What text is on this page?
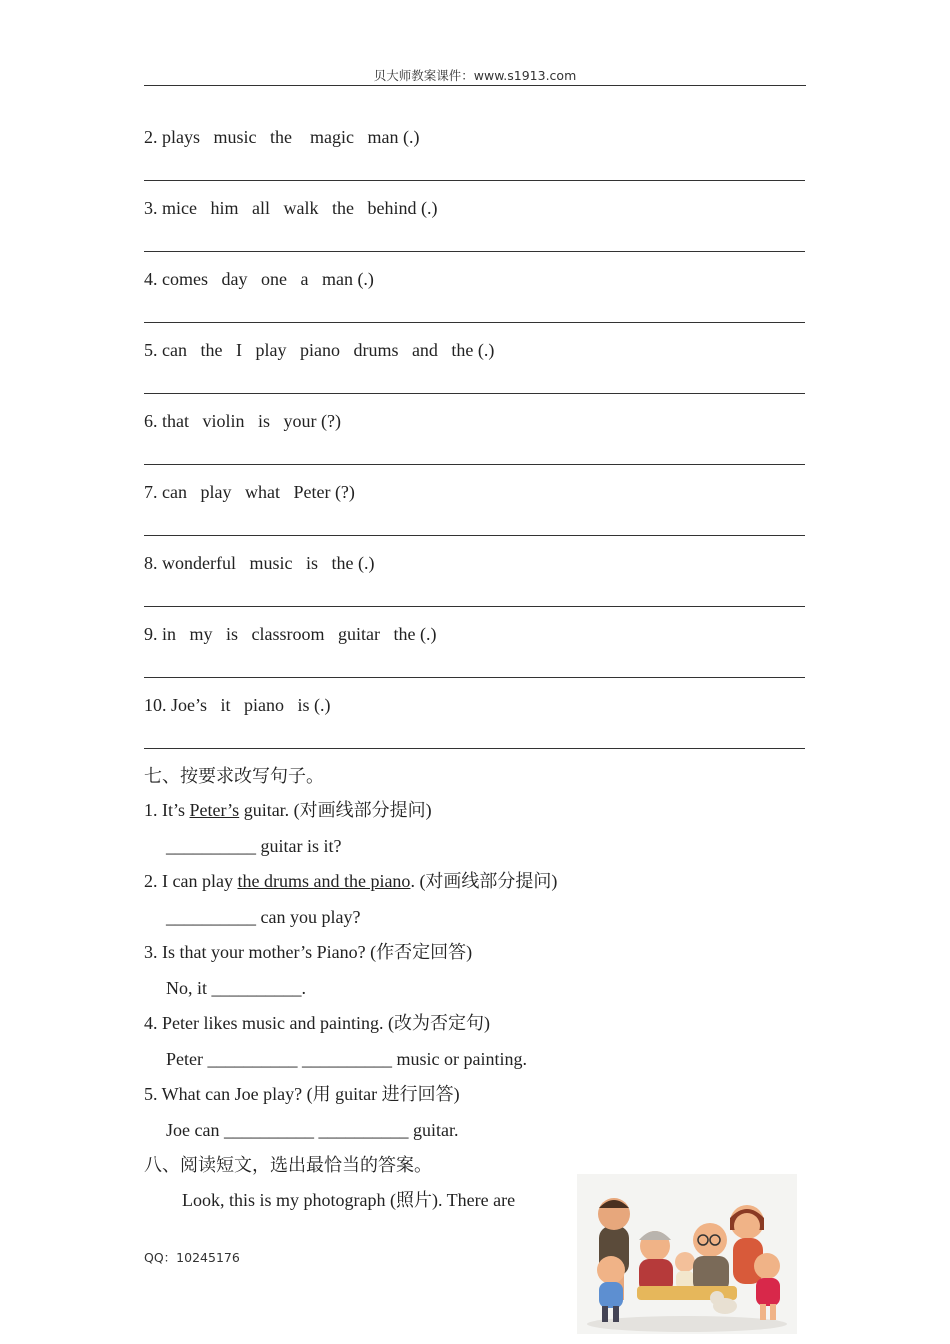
贝大师教案课件：www.s1913.com
2. plays   music   the    magic   man (.)
3. mice   him   all   walk   the   behind (.)
4. comes   day   one   a   man (.)
5. can   the   I   play   piano   drums   and   the (.)
6. that   violin   is   your (?)
7. can   play   what   Peter (?)
8. wonderful   music   is   the (.)
9. in   my   is   classroom   guitar   the (.)
10. Joe’s   it   piano   is (.)
七、按要求改写句子。
1. It’s Peter’s guitar. (对画线部分提问)
__________ guitar is it?
2. I can play the drums and the piano. (对画线部分提问)
__________ can you play?
3. Is that your mother’s Piano? (作否定回答)
No, it __________.
4. Peter likes music and painting. (改为否定句)
Peter __________ __________ music or painting.
5. What can Joe play? (用 guitar 进行回答)
Joe can __________ __________ guitar.
八、阅读短文，选出最恰当的答案。
Look, this is my photograph (照片). There are
QQ：10245176
